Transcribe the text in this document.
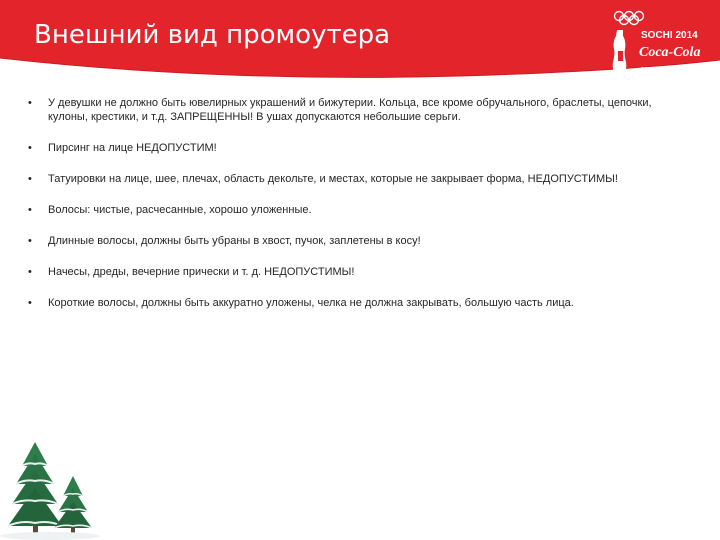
Внешний вид промоутера	SOCHI 2014
Coca-Cola
ВСЕМИРНЫЙ ПАРТНЕР
• У девушки не должно быть ювелирных украшений и бижутерии. Кольца, все кроме обручального, браслеты, цепочки, кулоны, крестики, и т.д. ЗАПРЕЩЕННЫ! В ушах допускаются небольшие серьги.
• Пирсинг на лице НЕДОПУСТИМ!
• Татуировки на лице, шее, плечах, область декольте, и местах, которые не закрывает форма, НЕДОПУСТИМЫ!
• Волосы: чистые, расчесанные, хорошо уложенные.
• Длинные волосы, должны быть убраны в хвост, пучок, заплетены в косу!
• Начесы, дреды, вечерние прически и т. д. НЕДОПУСТИМЫ!
• Короткие волосы, должны быть аккуратно уложены, челка не должна закрывать, большую часть лица.
